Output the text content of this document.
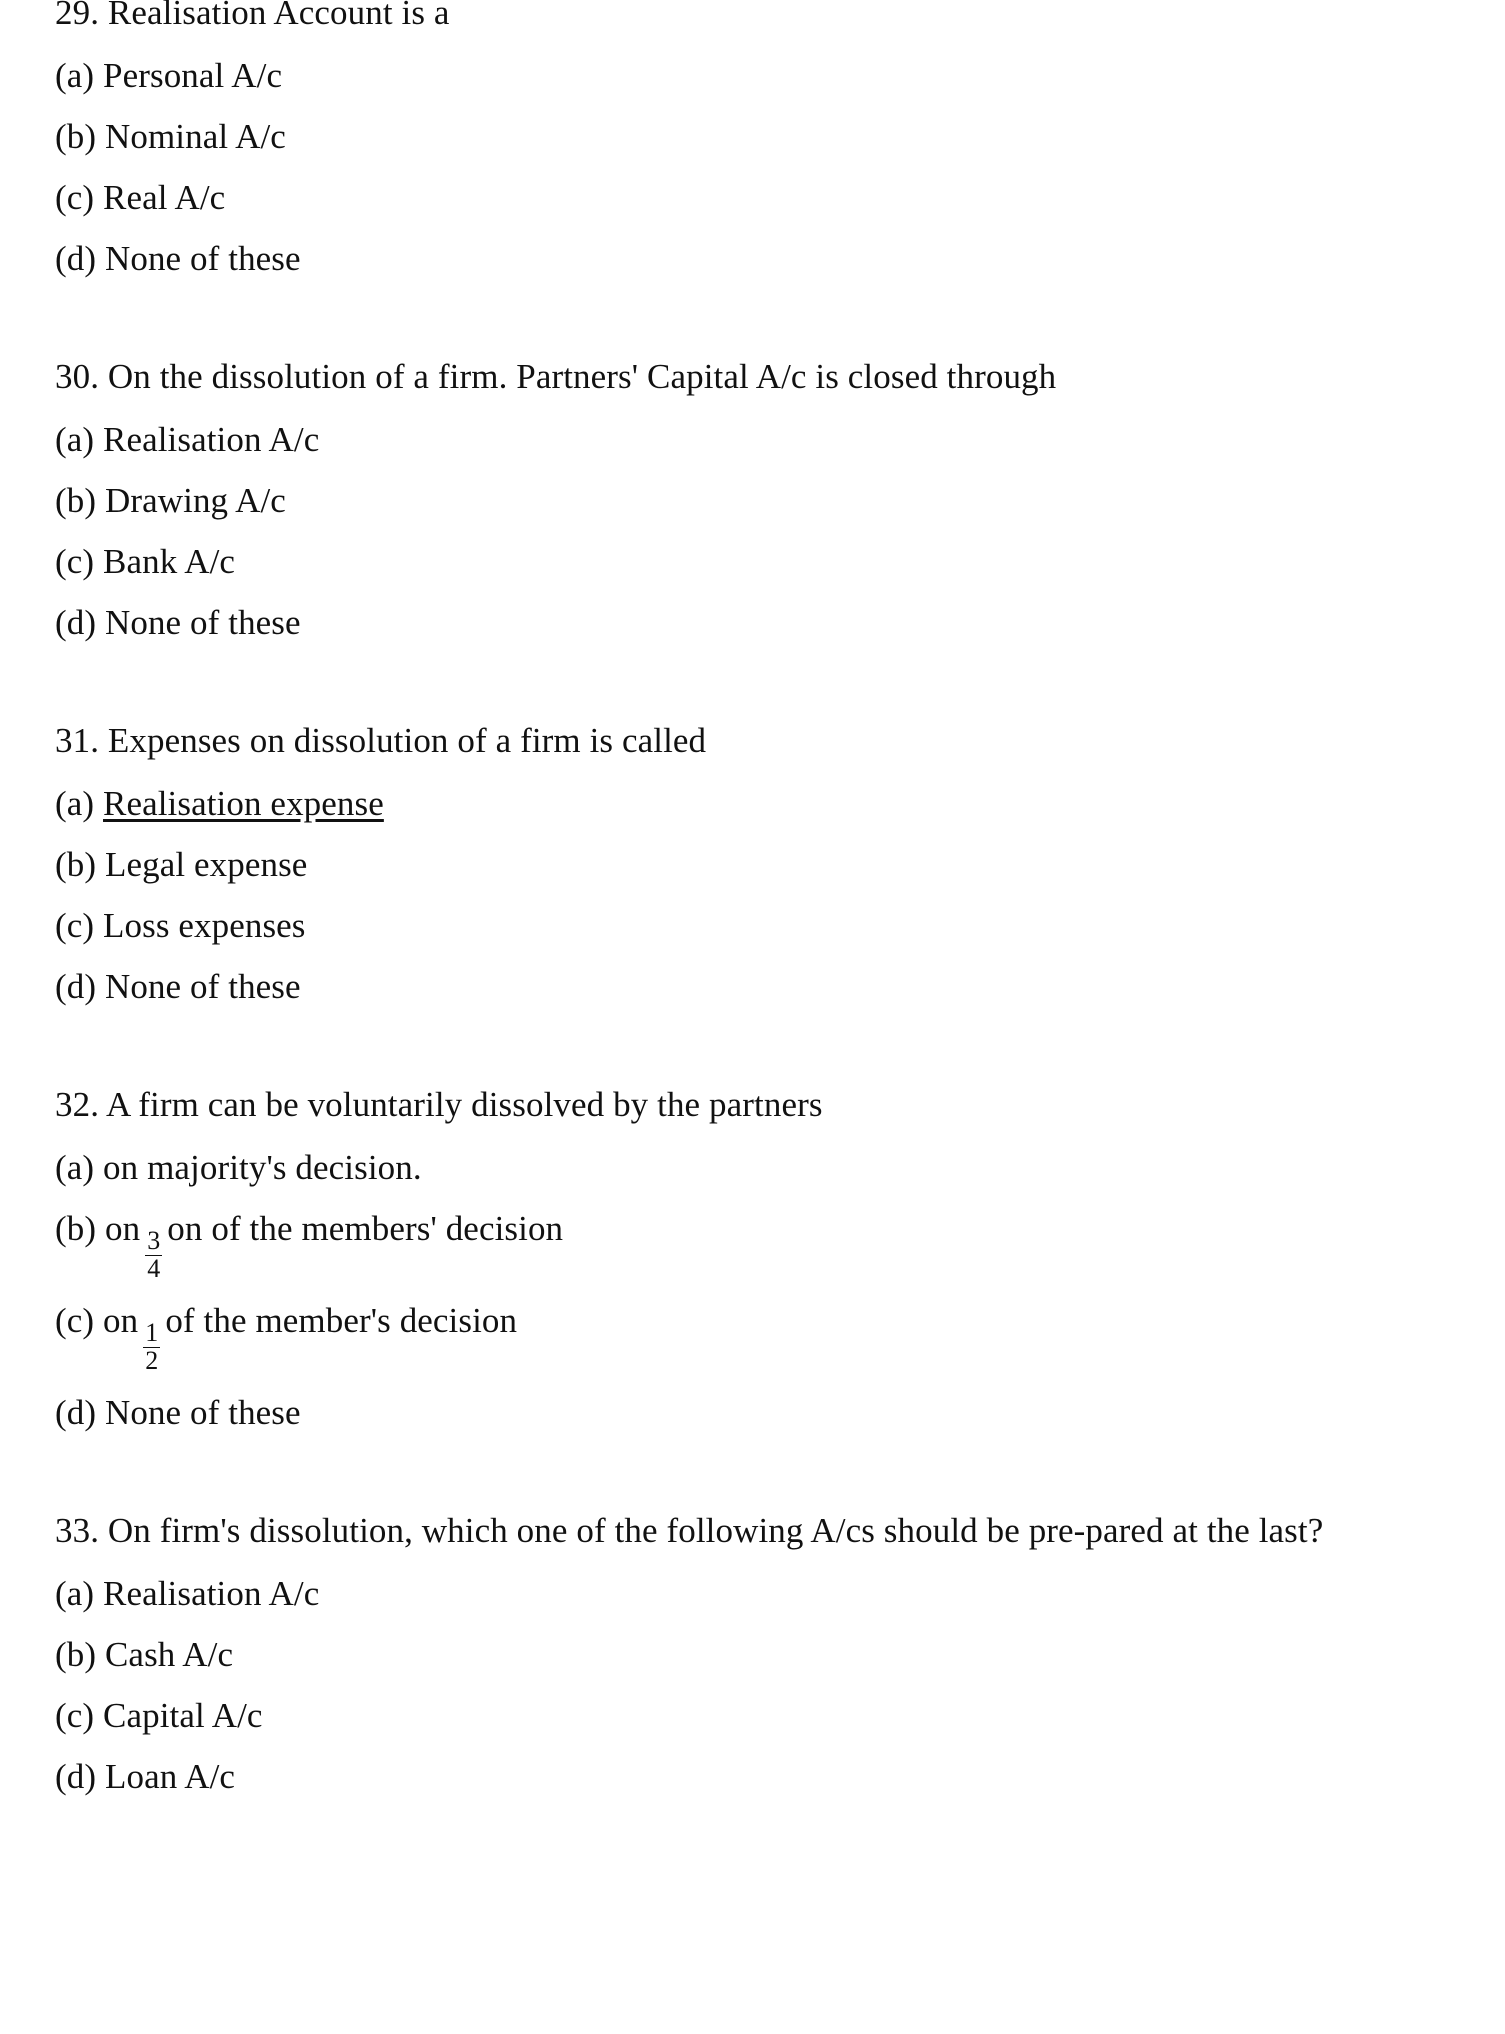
29. Realisation Account is a
(a) Personal A/c
(b) Nominal A/c
(c) Real A/c
(d) None of these
30. On the dissolution of a firm. Partners' Capital A/c is closed through
(a) Realisation A/c
(b) Drawing A/c
(c) Bank A/c
(d) None of these
31. Expenses on dissolution of a firm is called
(a) Realisation expense
(b) Legal expense
(c) Loss expenses
(d) None of these
32. A firm can be voluntarily dissolved by the partners
(a) on majority's decision.
(b) on $\frac{3}{4}$ on of the members' decision
(c) on $\frac{1}{2}$ of the member's decision
(d) None of these
33. On firm's dissolution, which one of the following A/cs should be pre-pared at the last?
(a) Realisation A/c
(b) Cash A/c
(c) Capital A/c
(d) Loan A/c
